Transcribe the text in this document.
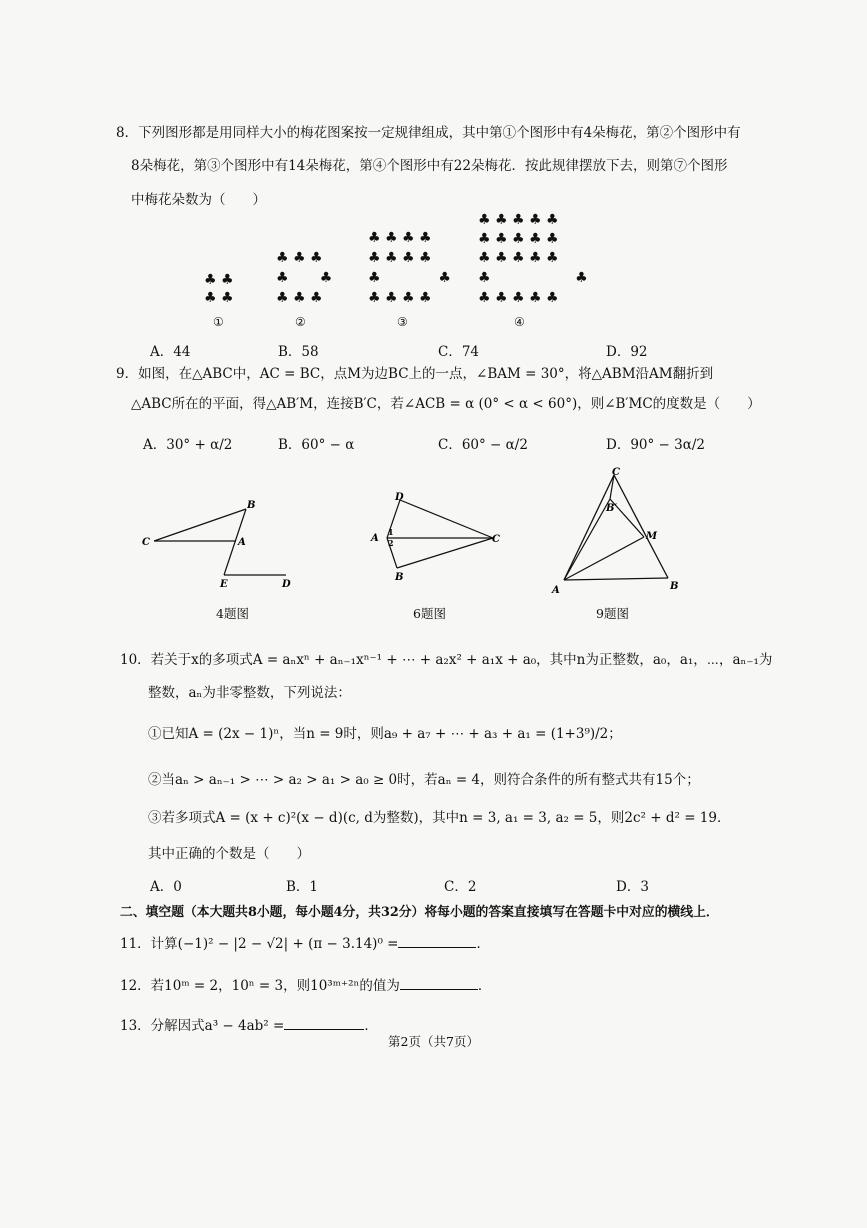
8．下列图形都是用同样大小的梅花图案按一定规律组成，其中第①个图形中有4朵梅花，第②个图形中有
8朵梅花，第③个图形中有14朵梅花，第④个图形中有22朵梅花．按此规律摆放下去，则第⑦个图形
中梅花朵数为（　　）
♣ ♣
♣ ♣
♣ ♣ ♣
♣       ♣
♣ ♣ ♣
♣ ♣ ♣ ♣
♣ ♣ ♣ ♣
♣             ♣
♣ ♣ ♣ ♣
♣ ♣ ♣ ♣ ♣
♣ ♣ ♣ ♣ ♣
♣ ♣ ♣ ♣ ♣
♣                   ♣
♣ ♣ ♣ ♣ ♣
①	②	③	④
A．44	B．58	C．74	D．92
9．如图，在△ABC中，AC = BC，点M为边BC上的一点，∠BAM = 30°，将△ABM沿AM翻折到
△ABC所在的平面，得△AB′M，连接B′C，若∠ACB = α (0° < α < 60°)，则∠B′MC的度数是（　　）
A．30° + α/2	B．60° − α	C．60° − α/2	D．90° − 3α/2
B
C	A
E	D
4题图
D
A
1
2	C
B
6题图
C
B′
M
A	B
9题图
10．若关于x的多项式A = aₙxⁿ + aₙ₋₁xⁿ⁻¹ + ⋯ + a₂x² + a₁x + a₀，其中n为正整数，a₀，a₁，⋯，aₙ₋₁为
整数，aₙ为非零整数，下列说法：
①已知A = (2x − 1)ⁿ，当n = 9时，则a₉ + a₇ + ⋯ + a₃ + a₁ = (1+3⁹)/2；
②当aₙ > aₙ₋₁ > ⋯ > a₂ > a₁ > a₀ ≥ 0时，若aₙ = 4，则符合条件的所有整式共有15个；
③若多项式A = (x + c)²(x − d)(c, d为整数)，其中n = 3, a₁ = 3, a₂ = 5，则2c² + d² = 19．
其中正确的个数是（　　）
A．0	B．1	C．2	D．3
二、填空题（本大题共8小题，每小题4分，共32分）将每小题的答案直接填写在答题卡中对应的横线上．
11．计算(−1)² − |2 − √2| + (π − 3.14)⁰ =	．
12．若10ᵐ = 2，10ⁿ = 3，则10³ᵐ⁺²ⁿ的值为	．
13．分解因式a³ − 4ab² =	．
第2页（共7页）
